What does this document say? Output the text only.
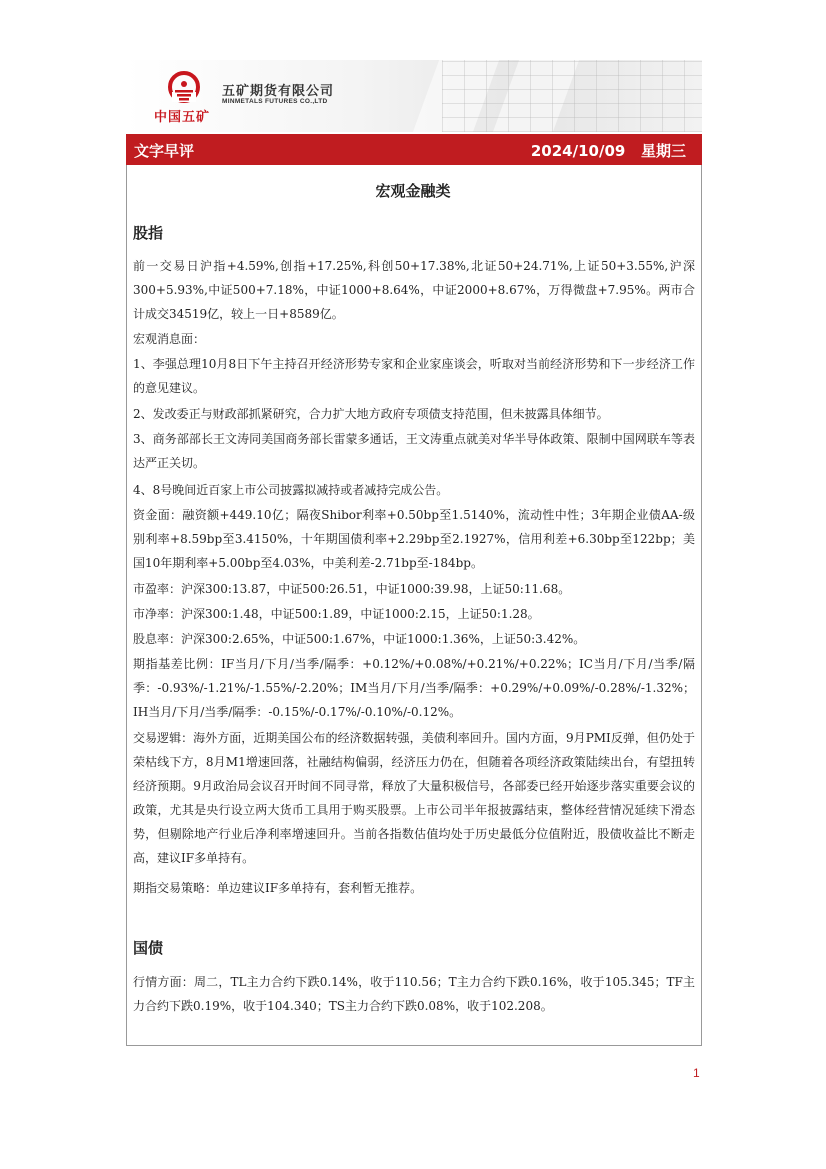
中国五矿
五矿期货有限公司
MINMETALS FUTURES CO.,LTD
文字早评	2024/10/09 星期三
宏观金融类
股指

前一交易日沪指+4.59%,创指+17.25%,科创50+17.38%,北证50+24.71%,上证50+3.55%,沪深300+5.93%,中证500+7.18%，中证1000+8.64%，中证2000+8.67%，万得微盘+7.95%。两市合计成交34519亿，较上一日+8589亿。

宏观消息面：

1、李强总理10月8日下午主持召开经济形势专家和企业家座谈会，听取对当前经济形势和下一步经济工作的意见建议。

2、发改委正与财政部抓紧研究，合力扩大地方政府专项债支持范围，但未披露具体细节。

3、商务部部长王文涛同美国商务部长雷蒙多通话，王文涛重点就美对华半导体政策、限制中国网联车等表达严正关切。

4、8号晚间近百家上市公司披露拟减持或者减持完成公告。

资金面：融资额+449.10亿；隔夜Shibor利率+0.50bp至1.5140%，流动性中性；3年期企业债AA-级别利率+8.59bp至3.4150%，十年期国债利率+2.29bp至2.1927%，信用利差+6.30bp至122bp；美国10年期利率+5.00bp至4.03%，中美利差-2.71bp至-184bp。

市盈率：沪深300:13.87，中证500:26.51，中证1000:39.98，上证50:11.68。

市净率：沪深300:1.48，中证500:1.89，中证1000:2.15，上证50:1.28。

股息率：沪深300:2.65%，中证500:1.67%，中证1000:1.36%，上证50:3.42%。

期指基差比例：IF当月/下月/当季/隔季：+0.12%/+0.08%/+0.21%/+0.22%；IC当月/下月/当季/隔季：-0.93%/-1.21%/-1.55%/-2.20%；IM当月/下月/当季/隔季：+0.29%/+0.09%/-0.28%/-1.32%；IH当月/下月/当季/隔季：-0.15%/-0.17%/-0.10%/-0.12%。

交易逻辑：海外方面，近期美国公布的经济数据转强，美债利率回升。国内方面，9月PMI反弹，但仍处于荣枯线下方，8月M1增速回落，社融结构偏弱，经济压力仍在，但随着各项经济政策陆续出台，有望扭转经济预期。9月政治局会议召开时间不同寻常，释放了大量积极信号，各部委已经开始逐步落实重要会议的政策，尤其是央行设立两大货币工具用于购买股票。上市公司半年报披露结束，整体经营情况延续下滑态势，但剔除地产行业后净利率增速回升。当前各指数估值均处于历史最低分位值附近，股债收益比不断走高，建议IF多单持有。

期指交易策略：单边建议IF多单持有，套利暂无推荐。

国债

行情方面：周二，TL主力合约下跌0.14%，收于110.56；T主力合约下跌0.16%，收于105.345；TF主力合约下跌0.19%，收于104.340；TS主力合约下跌0.08%，收于102.208。

1
